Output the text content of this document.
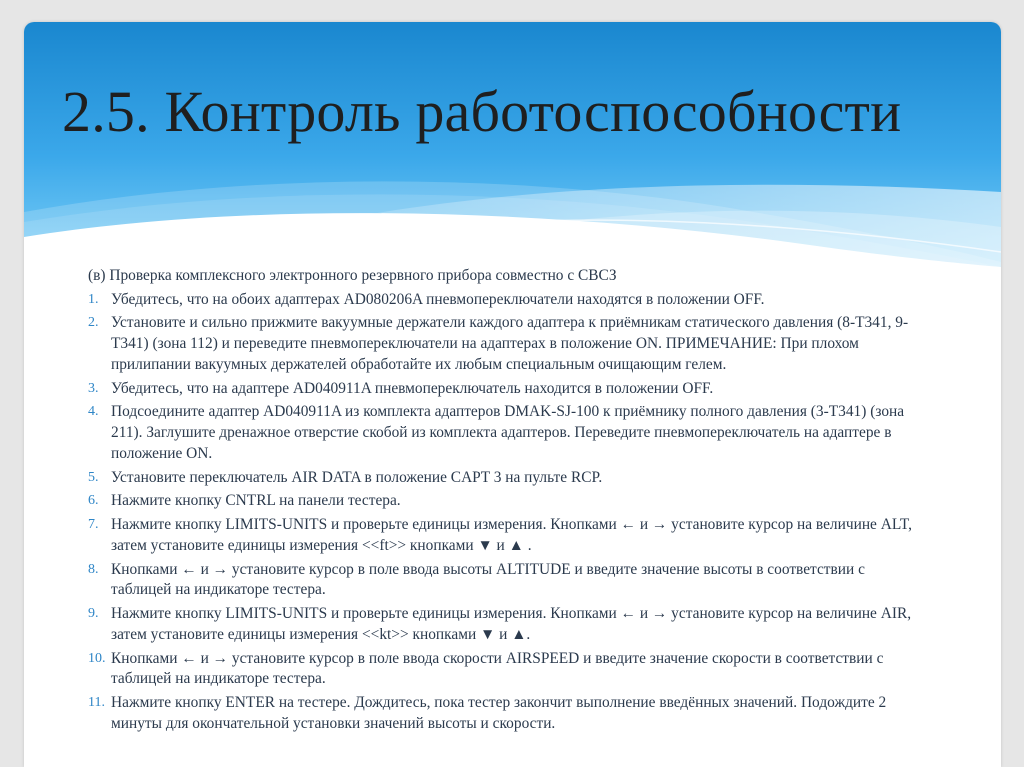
2.5. Контроль работоспособности

(в) Проверка комплексного электронного резервного прибора совместно с СВСЗ

1. Убедитесь, что на обоих адаптерах AD080206A пневмопереключатели находятся в положении OFF.
2. Установите и сильно прижмите вакуумные держатели каждого адаптера к приёмникам статического давления (8-T341, 9-T341) (зона 112) и переведите пневмопереключатели на адаптерах в положение ON. ПРИМЕЧАНИЕ: При плохом прилипании вакуумных держателей обработайте их любым специальным очищающим гелем.
3. Убедитесь, что на адаптере AD040911A пневмопереключатель находится в положении OFF.
4. Подсоедините адаптер AD040911A из комплекта адаптеров DMAK-SJ-100 к приёмнику полного давления (3-T341) (зона 211). Заглушите дренажное отверстие скобой из комплекта адаптеров. Переведите пневмопереключатель на адаптере в положение ON.
5. Установите переключатель AIR DATA в положение CAPT 3 на пульте RCP.
6. Нажмите кнопку CNTRL на панели тестера.
7. Нажмите кнопку LIMITS-UNITS и проверьте единицы измерения. Кнопками ← и → установите курсор на величине ALT, затем установите единицы измерения <<ft>> кнопками ▼ и ▲ .
8. Кнопками ← и → установите курсор в поле ввода высоты ALTITUDE и введите значение высоты в соответствии с таблицей на индикаторе тестера.
9. Нажмите кнопку LIMITS-UNITS и проверьте единицы измерения. Кнопками ← и → установите курсор на величине AIR, затем установите единицы измерения <<kt>> кнопками ▼ и ▲.
10. Кнопками ← и → установите курсор в поле ввода скорости AIRSPEED и введите значение скорости в соответствии с таблицей на индикаторе тестера.
11. Нажмите кнопку ENTER на тестере. Дождитесь, пока тестер закончит выполнение введённых значений. Подождите 2 минуты для окончательной установки значений высоты и скорости.
